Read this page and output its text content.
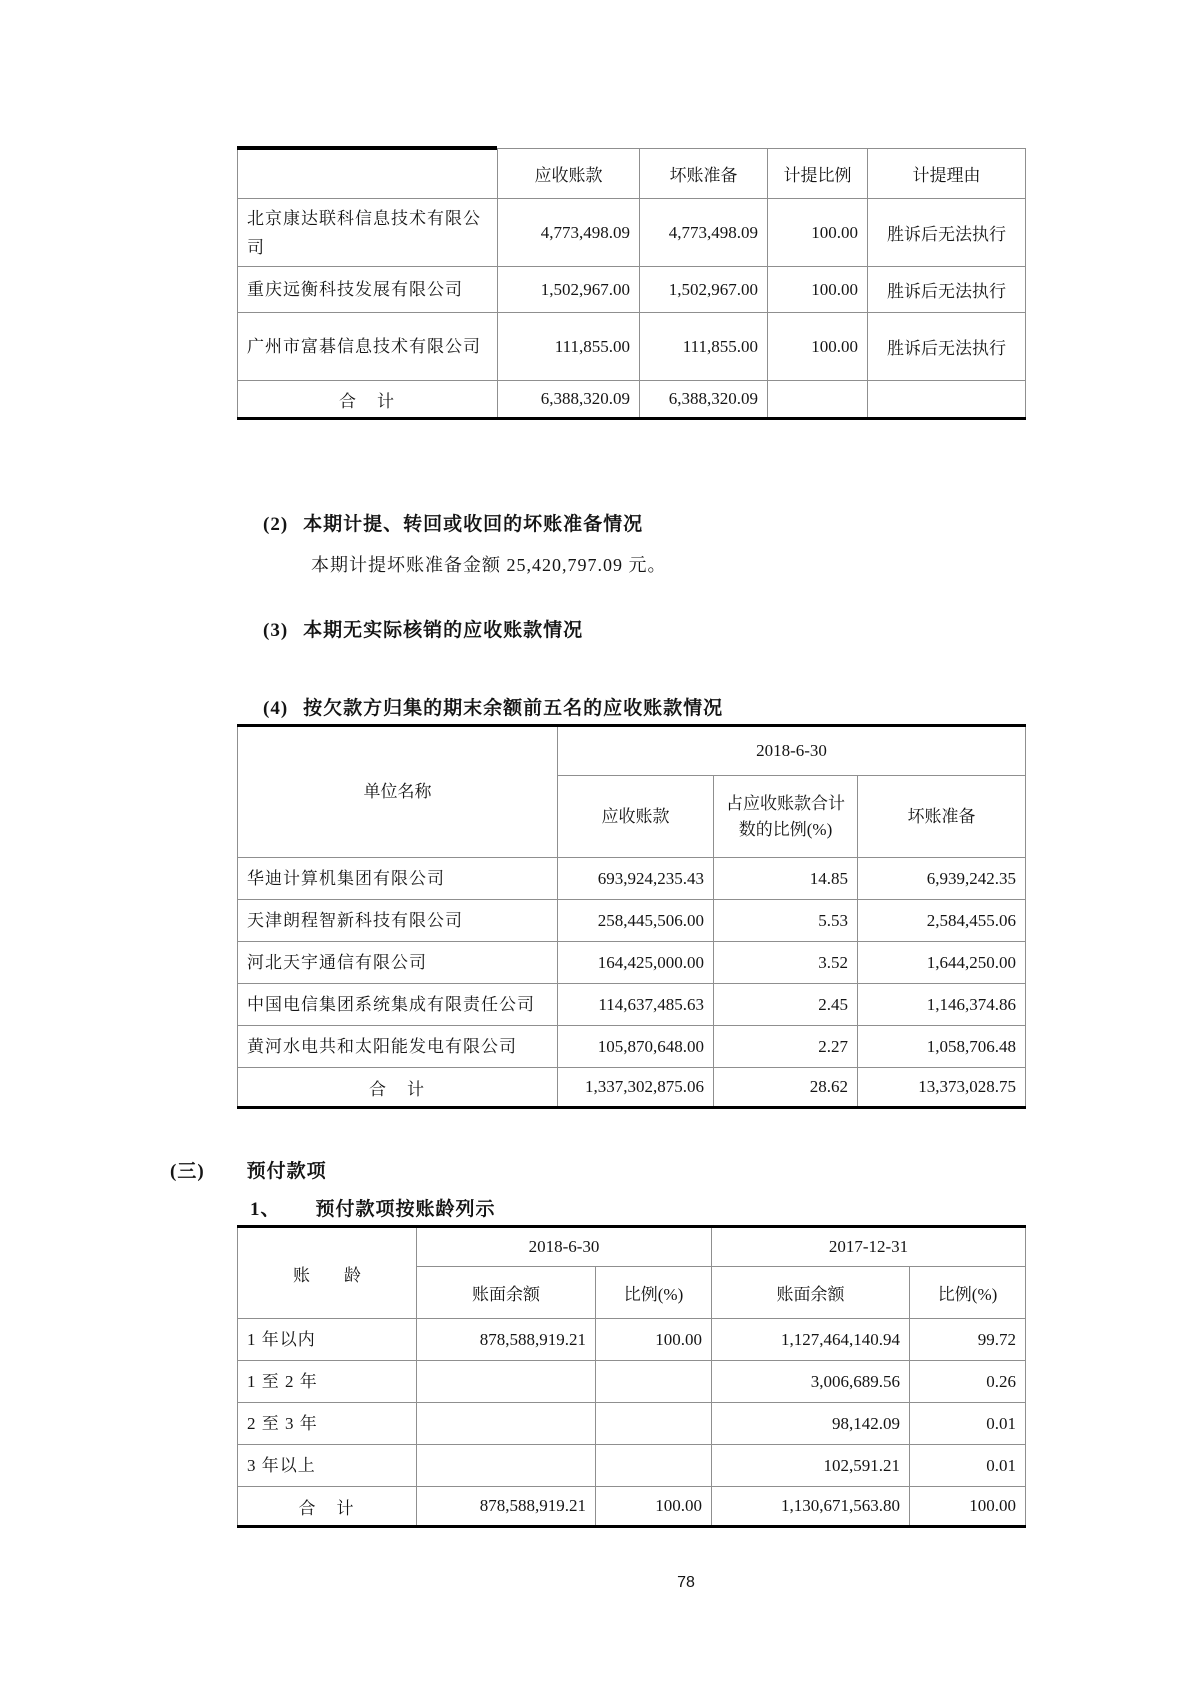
	应收账款	坏账准备	计提比例	计提理由
北京康达联科信息技术有限公司	4,773,498.09	4,773,498.09	100.00	胜诉后无法执行
重庆远衡科技发展有限公司	1,502,967.00	1,502,967.00	100.00	胜诉后无法执行
广州市富碁信息技术有限公司	111,855.00	111,855.00	100.00	胜诉后无法执行
合　计	6,388,320.09	6,388,320.09		
(2) 本期计提、转回或收回的坏账准备情况
本期计提坏账准备金额 25,420,797.09 元。
(3) 本期无实际核销的应收账款情况
(4) 按欠款方归集的期末余额前五名的应收账款情况
单位名称	2018-6-30		
	应收账款	占应收账款合计数的比例(%)	坏账准备
华迪计算机集团有限公司	693,924,235.43	14.85	6,939,242.35
天津朗程智新科技有限公司	258,445,506.00	5.53	2,584,455.06
河北天宇通信有限公司	164,425,000.00	3.52	1,644,250.00
中国电信集团系统集成有限责任公司	114,637,485.63	2.45	1,146,374.86
黄河水电共和太阳能发电有限公司	105,870,648.00	2.27	1,058,706.48
合　计	1,337,302,875.06	28.62	13,373,028.75
(三) 预付款项
1、 预付款项按账龄列示
账　　龄	2018-6-30		2017-12-31	
	账面余额	比例(%)	账面余额	比例(%)
1 年以内	878,588,919.21	100.00	1,127,464,140.94	99.72
1 至 2 年			3,006,689.56	0.26
2 至 3 年			98,142.09	0.01
3 年以上			102,591.21	0.01
合　计	878,588,919.21	100.00	1,130,671,563.80	100.00
78
